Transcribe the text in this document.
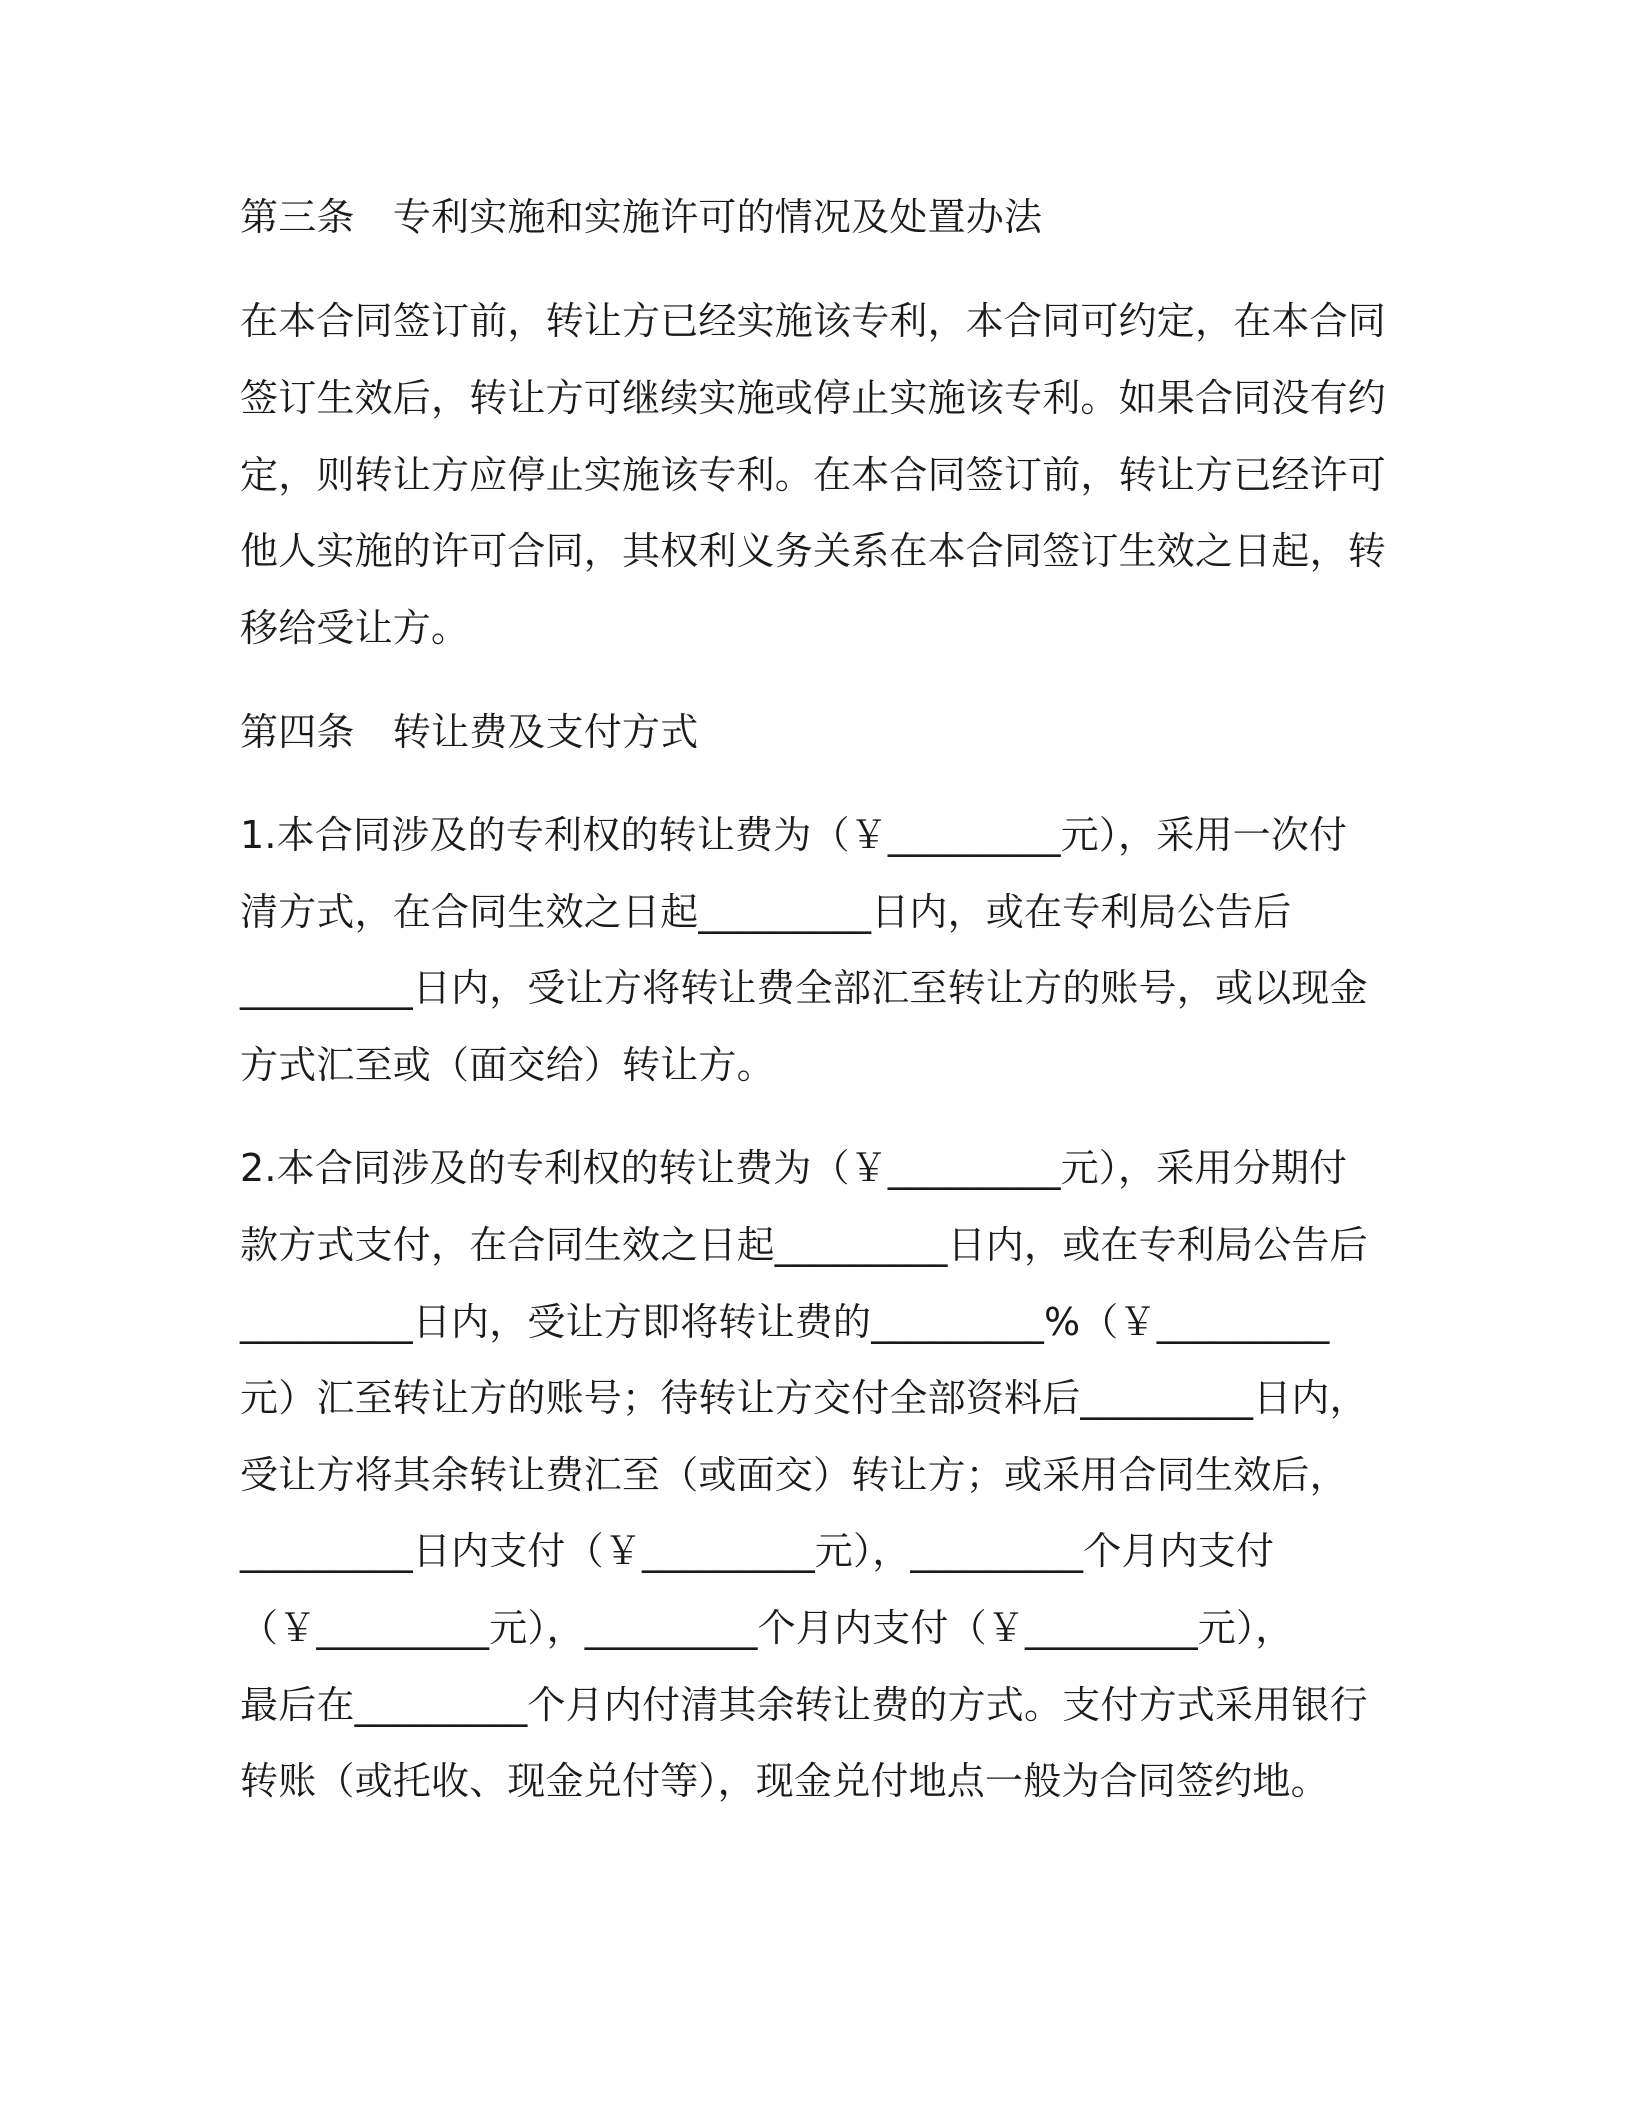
第三条　专利实施和实施许可的情况及处置办法

在本合同签订前，转让方已经实施该专利，本合同可约定，在本合同

签订生效后，转让方可继续实施或停止实施该专利。如果合同没有约

定，则转让方应停止实施该专利。在本合同签订前，转让方已经许可

他人实施的许可合同，其权利义务关系在本合同签订生效之日起，转

移给受让方。

第四条　转让费及支付方式

1.本合同涉及的专利权的转让费为（￥_________元），采用一次付

清方式，在合同生效之日起_________日内，或在专利局公告后

_________日内，受让方将转让费全部汇至转让方的账号，或以现金

方式汇至或（面交给）转让方。

2.本合同涉及的专利权的转让费为（￥_________元），采用分期付

款方式支付，在合同生效之日起_________日内，或在专利局公告后

_________日内，受让方即将转让费的_________%（￥_________

元）汇至转让方的账号；待转让方交付全部资料后_________日内，

受让方将其余转让费汇至（或面交）转让方；或采用合同生效后，

_________日内支付（￥_________元），_________个月内支付

（￥_________元），_________个月内支付（￥_________元），

最后在_________个月内付清其余转让费的方式。支付方式采用银行

转账（或托收、现金兑付等），现金兑付地点一般为合同签约地。
